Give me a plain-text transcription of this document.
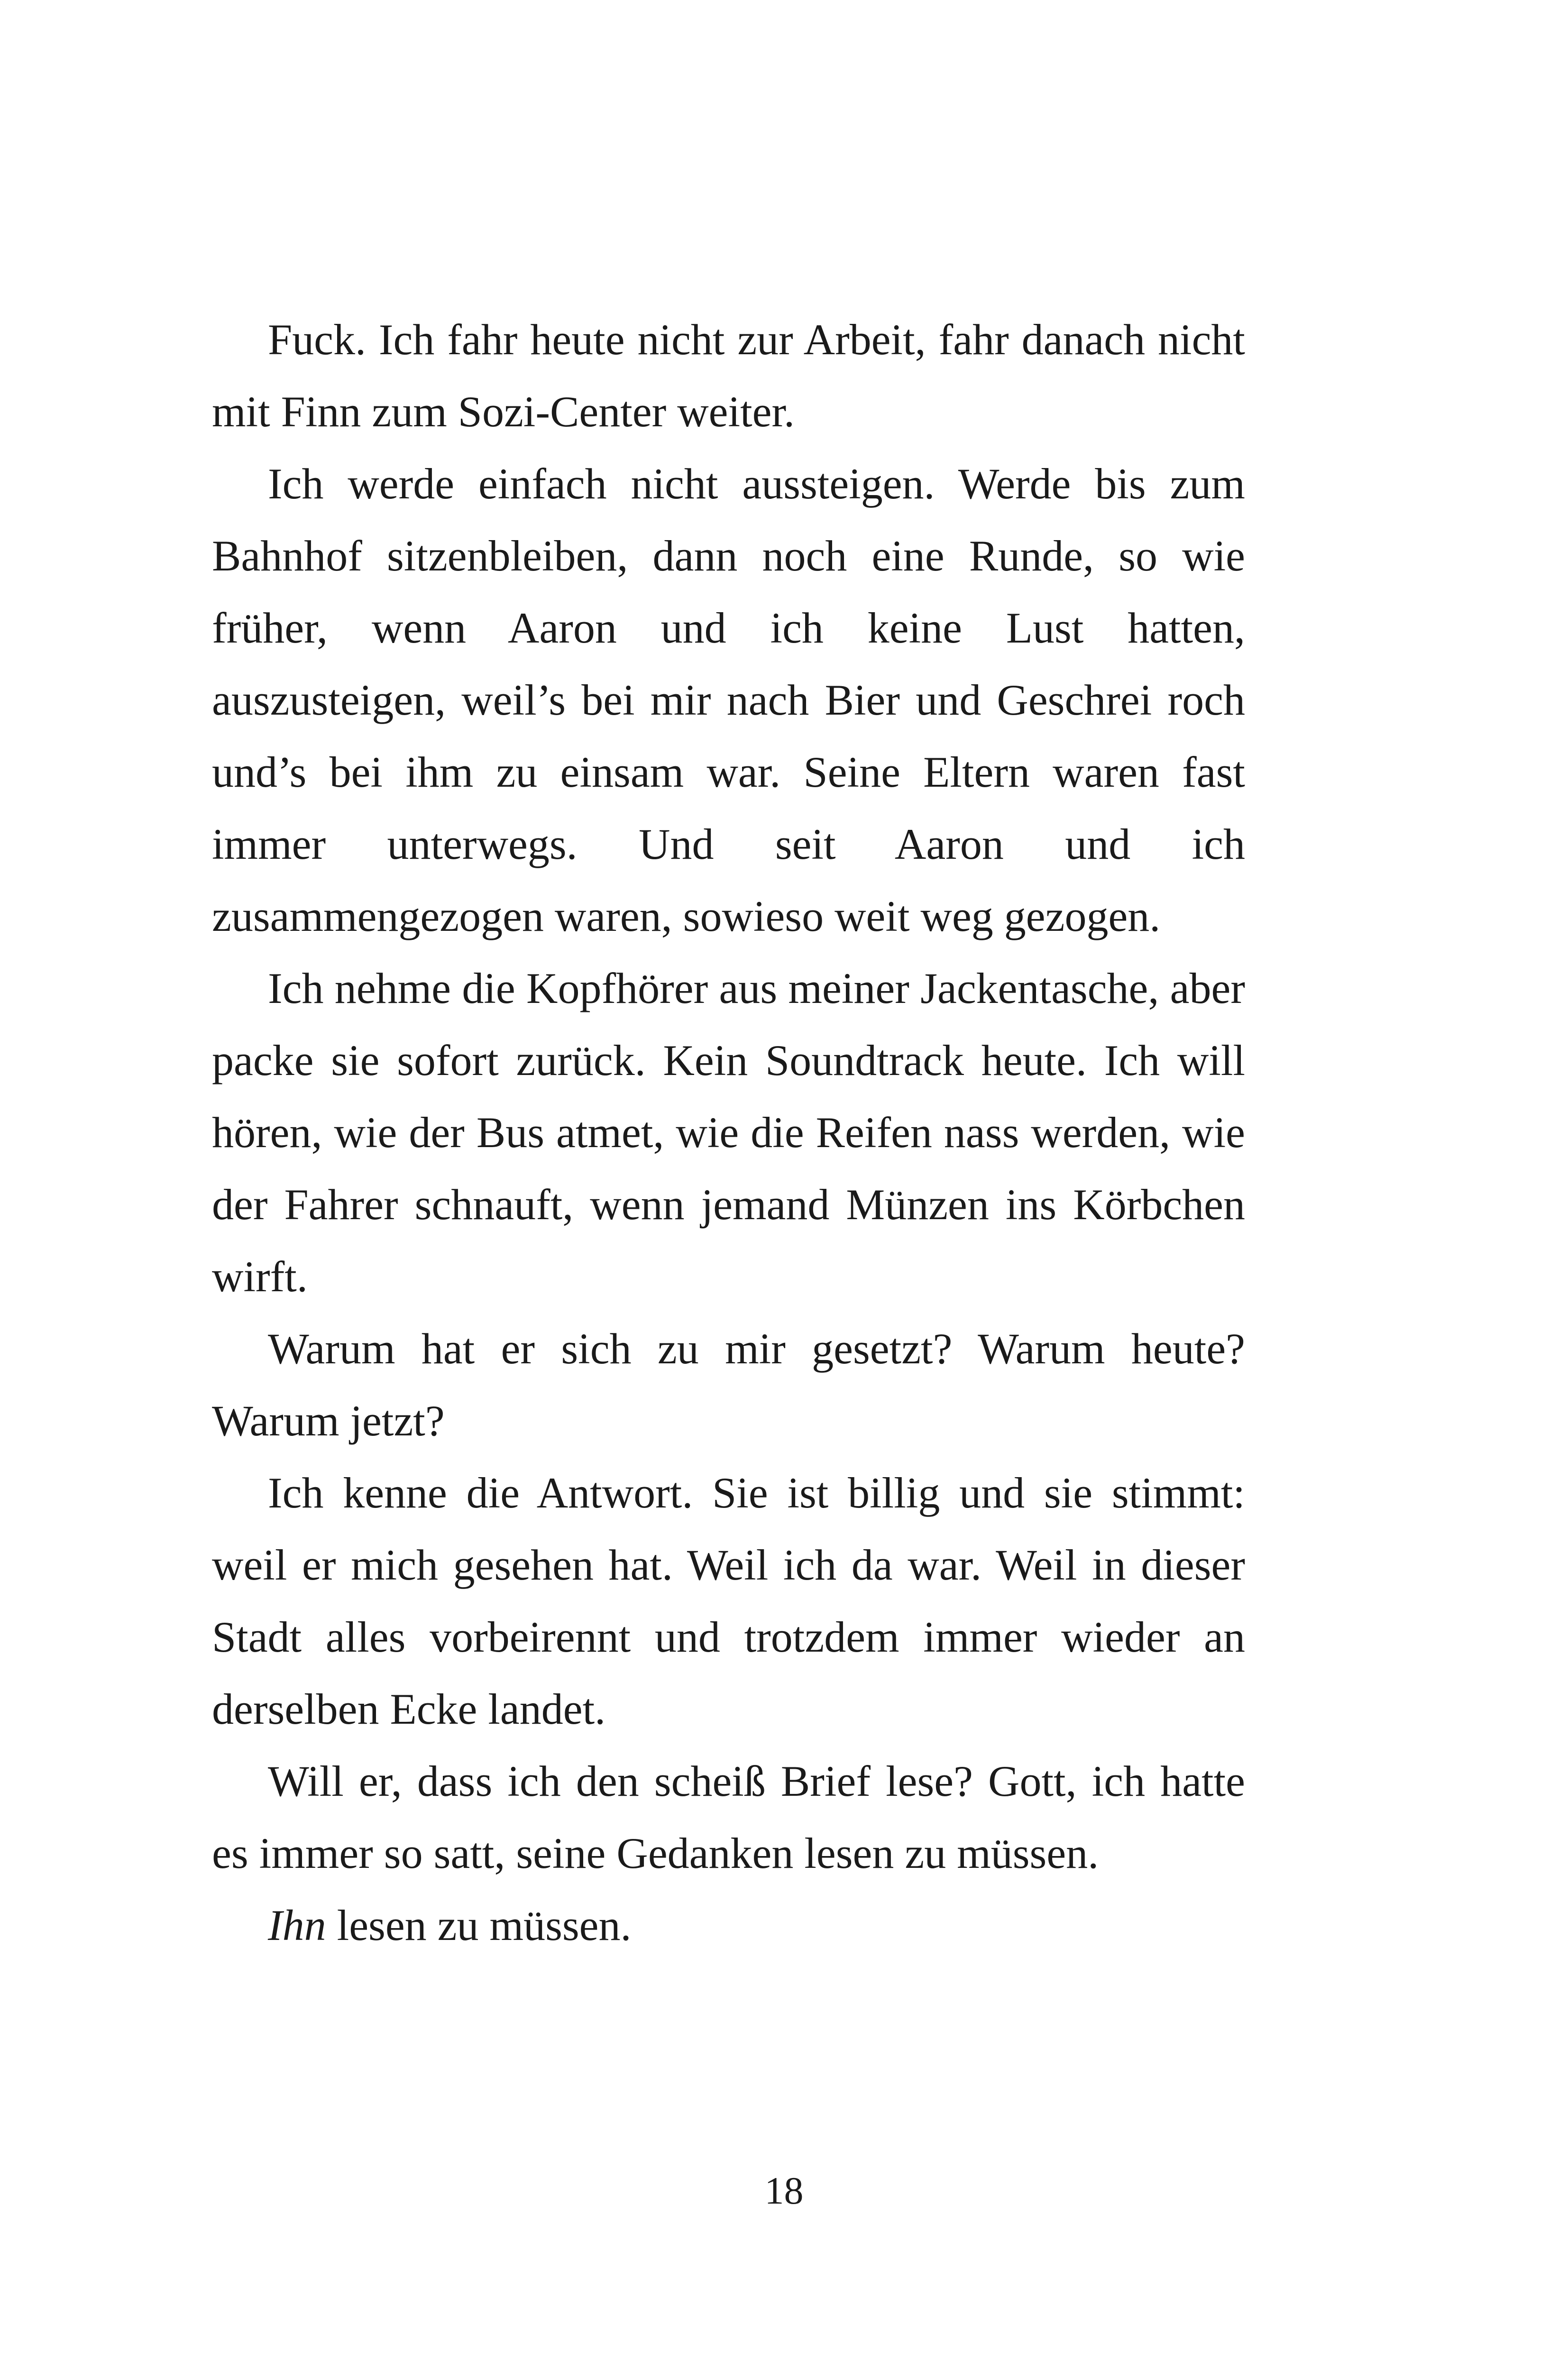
Fuck. Ich fahr heute nicht zur Arbeit, fahr danach nicht mit Finn zum Sozi-Center weiter.

Ich werde einfach nicht aussteigen. Werde bis zum Bahnhof sitzenbleiben, dann noch eine Runde, so wie früher, wenn Aaron und ich keine Lust hatten, auszusteigen, weil’s bei mir nach Bier und Geschrei roch und’s bei ihm zu einsam war. Seine Eltern waren fast immer unterwegs. Und seit Aaron und ich zusammengezogen waren, sowieso weit weg gezogen.

Ich nehme die Kopfhörer aus meiner Jackentasche, aber packe sie sofort zurück. Kein Soundtrack heute. Ich will hören, wie der Bus atmet, wie die Reifen nass werden, wie der Fahrer schnauft, wenn jemand Münzen ins Körbchen wirft.

Warum hat er sich zu mir gesetzt? Warum heute? Warum jetzt?

Ich kenne die Antwort. Sie ist billig und sie stimmt: weil er mich gesehen hat. Weil ich da war. Weil in dieser Stadt alles vorbeirennt und trotzdem immer wieder an derselben Ecke landet.

Will er, dass ich den scheiß Brief lese? Gott, ich hatte es immer so satt, seine Gedanken lesen zu müssen.

Ihn lesen zu müssen.

18
